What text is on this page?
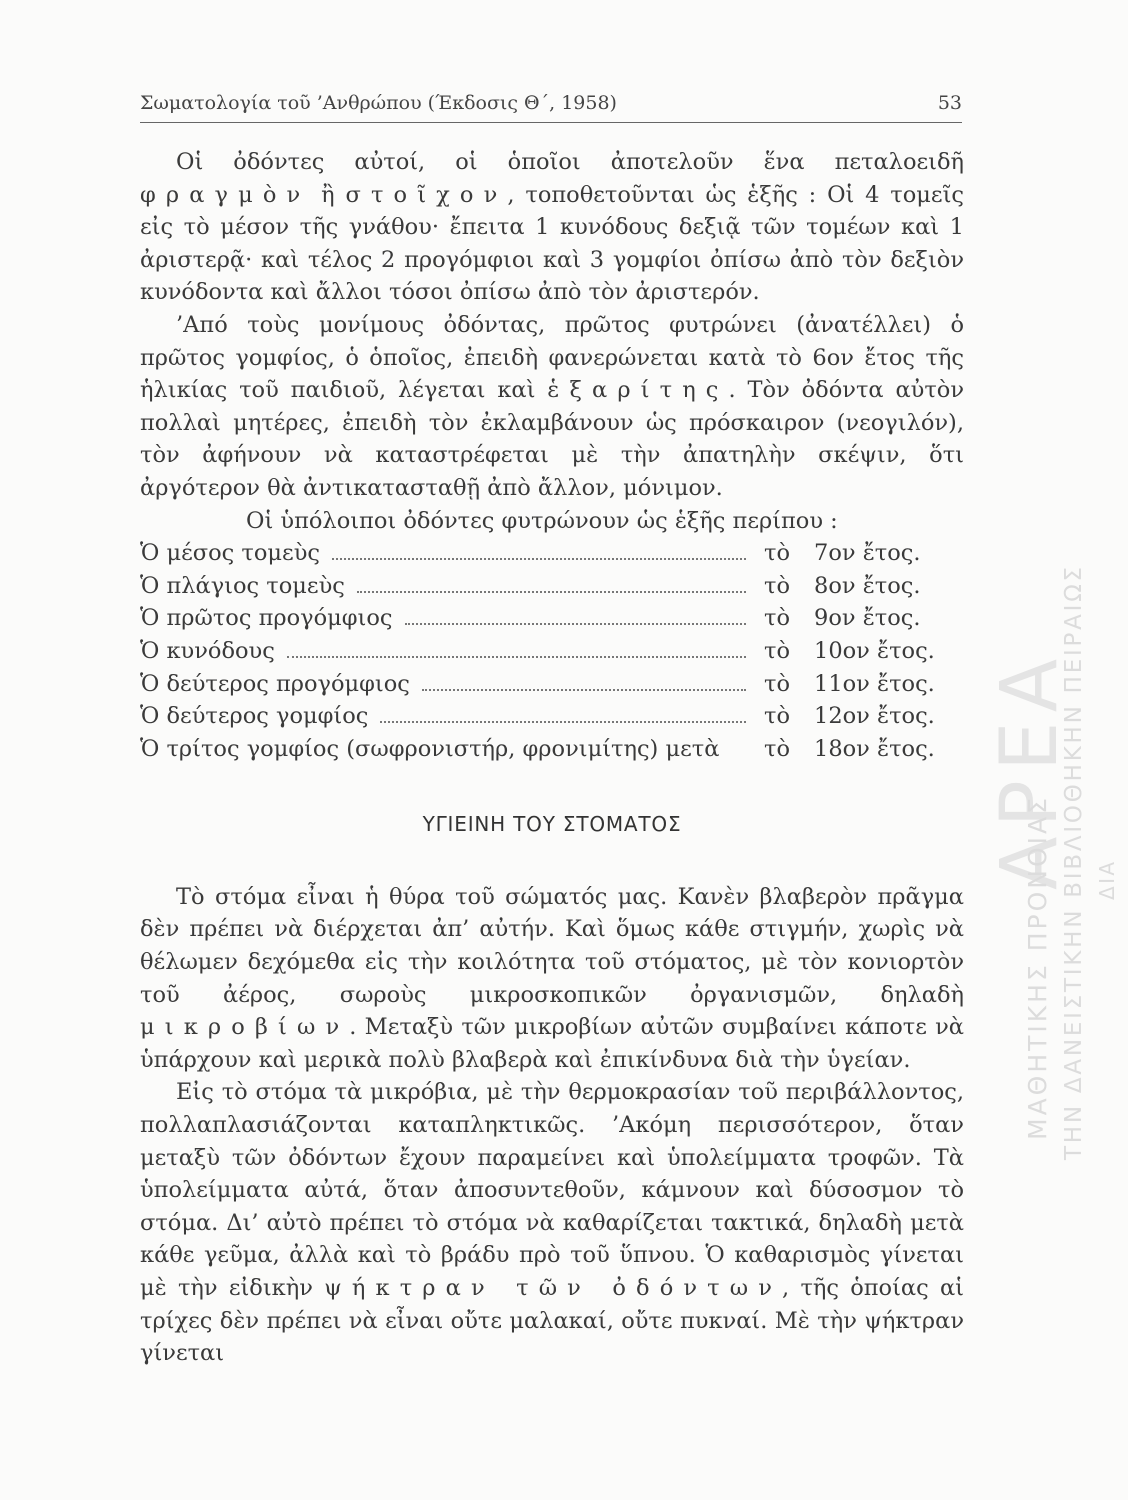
Σωματολογία τοῦ ’Ανθρώπου (Έκδοσις Θ΄, 1958)	53

Οἱ ὀδόντες αὐτοί, οἱ ὁποῖοι ἀποτελοῦν ἕνα πεταλοειδῆ φραγμὸν ἢ στοῖχον, τοποθετοῦνται ὡς ἑξῆς : Οἱ 4 τομεῖς εἰς τὸ μέσον τῆς γνάθου· ἔπειτα 1 κυνόδους δεξιᾷ τῶν τομέων καὶ 1 ἀριστερᾷ· καὶ τέλος 2 προγόμφιοι καὶ 3 γομφίοι ὀπίσω ἀπὸ τὸν δεξιὸν κυνόδοντα καὶ ἄλλοι τόσοι ὀπίσω ἀπὸ τὸν ἀριστερόν.

’Από τοὺς μονίμους ὀδόντας, πρῶτος φυτρώνει (ἀνατέλλει) ὁ πρῶτος γομφίος, ὁ ὁποῖος, ἐπειδὴ φανερώνεται κατὰ τὸ 6ον ἔτος τῆς ἡλικίας τοῦ παιδιοῦ, λέγεται καὶ ἑξαρίτης. Τὸν ὀδόντα αὐτὸν πολλαὶ μητέρες, ἐπειδὴ τὸν ἐκλαμβάνουν ὡς πρόσκαιρον (νεογιλόν), τὸν ἀφήνουν νὰ καταστρέφεται μὲ τὴν ἀπατηλὴν σκέψιν, ὅτι ἀργότερον θὰ ἀντικατασταθῇ ἀπὸ ἄλλον, μόνιμον.

Οἱ ὑπόλοιποι ὀδόντες φυτρώνουν ὡς ἑξῆς περίπου :

Ὁ μέσος τομεὺς	τὸ 7ον ἔτος.
Ὁ πλάγιος τομεὺς	τὸ 8ον ἔτος.
Ὁ πρῶτος προγόμφιος	τὸ 9ον ἔτος.
Ὁ κυνόδους	τὸ 10ον ἔτος.
Ὁ δεύτερος προγόμφιος	τὸ 11ον ἔτος.
Ὁ δεύτερος γομφίος	τὸ 12ον ἔτος.
Ὁ τρίτος γομφίος (σωφρονιστήρ, φρονιμίτης) μετὰ	τὸ 18ον ἔτος.
ΥΓΙΕΙΝΗ ΤΟΥ ΣΤΟΜΑΤΟΣ

Τὸ στόμα εἶναι ἡ θύρα τοῦ σώματός μας. Κανὲν βλαβερὸν πρᾶγμα δὲν πρέπει νὰ διέρχεται ἀπ’ αὐτήν. Καὶ ὅμως κάθε στιγμήν, χωρὶς νὰ θέλωμεν δεχόμεθα εἰς τὴν κοιλότητα τοῦ στόματος, μὲ τὸν κονιορτὸν τοῦ ἀέρος, σωροὺς μικροσκοπικῶν ὀργανισμῶν, δηλαδὴ μικροβίων. Μεταξὺ τῶν μικροβίων αὐτῶν συμβαίνει κάποτε νὰ ὑπάρχουν καὶ μερικὰ πολὺ βλαβερὰ καὶ ἐπικίνδυνα διὰ τὴν ὑγείαν.

Εἰς τὸ στόμα τὰ μικρόβια, μὲ τὴν θερμοκρασίαν τοῦ περιβάλλοντος, πολλαπλασιάζονται καταπληκτικῶς. ’Ακόμη περισσότερον, ὅταν μεταξὺ τῶν ὀδόντων ἔχουν παραμείνει καὶ ὑπολείμματα τροφῶν. Τὰ ὑπολείμματα αὐτά, ὅταν ἀποσυντεθοῦν, κάμνουν καὶ δύσοσμον τὸ στόμα. Δι’ αὐτὸ πρέπει τὸ στόμα νὰ καθαρίζεται τακτικά, δηλαδὴ μετὰ κάθε γεῦμα, ἀλλὰ καὶ τὸ βράδυ πρὸ τοῦ ὕπνου. Ὁ καθαρισμὸς γίνεται μὲ τὴν εἰδικὴν ψήκτραν τῶν ὀδόντων, τῆς ὁποίας αἱ τρίχες δὲν πρέπει νὰ εἶναι οὔτε μαλακαί, οὔτε πυκναί. Μὲ τὴν ψήκτραν γίνεται

ΑΡΕΑ
ΜΑΘΗΤΙΚΗΣ ΠΡΟΝΟΙΑΣ ΤΗΝ ΔΑΝΕΙΣΤΙΚΗΝ ΒΙΒΛΙΟΘΗΚΗΝ ΠΕΙΡΑΙΩΣ ΔΙΑ
